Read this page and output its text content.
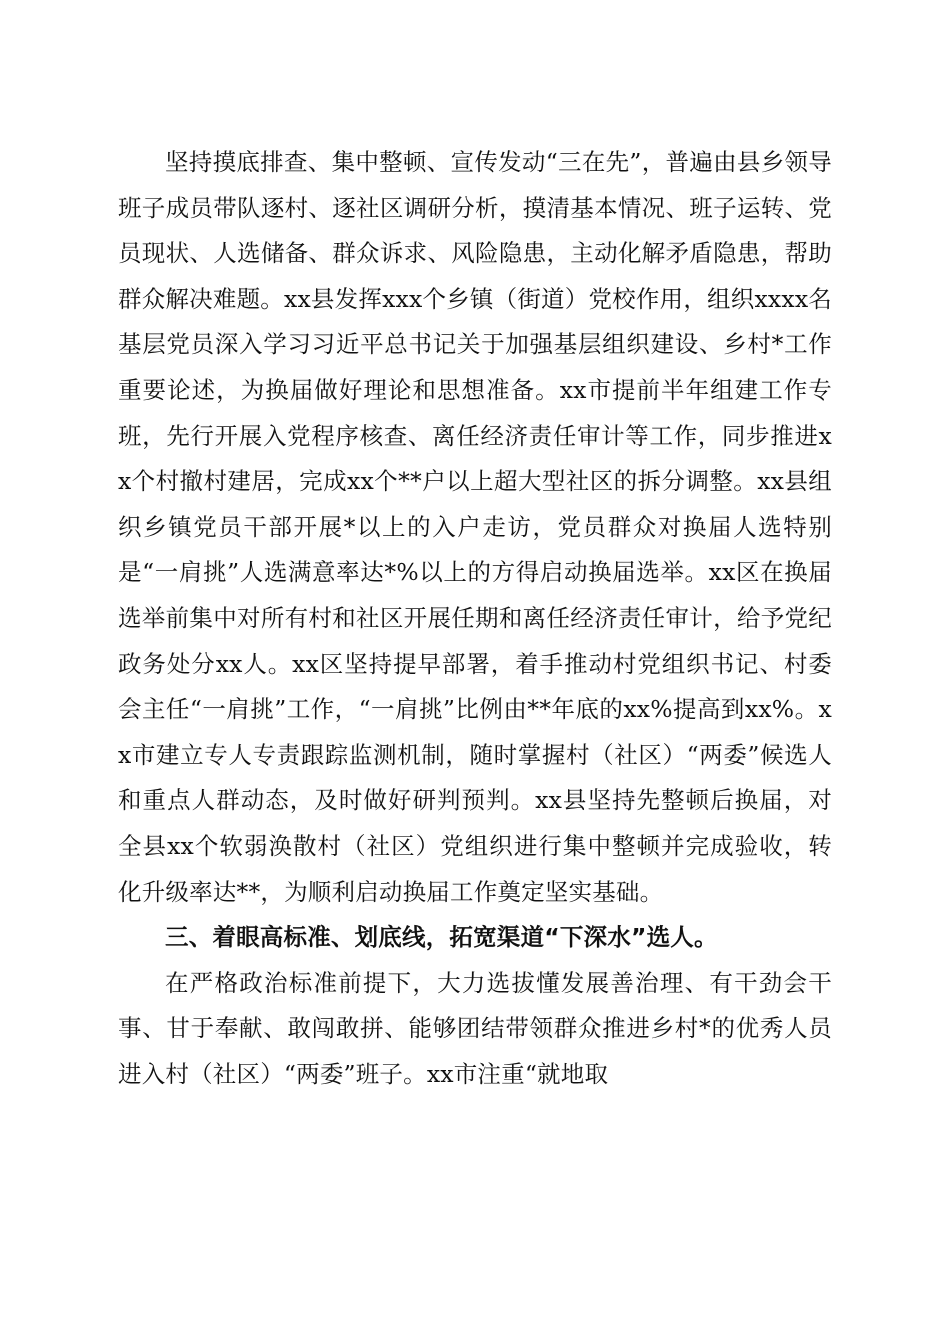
坚持摸底排查、集中整顿、宣传发动“三在先”，普遍由县乡领导班子成员带队逐村、逐社区调研分析，摸清基本情况、班子运转、党员现状、人选储备、群众诉求、风险隐患，主动化解矛盾隐患，帮助群众解决难题。xx县发挥xxx个乡镇（街道）党校作用，组织xxxx名基层党员深入学习习近平总书记关于加强基层组织建设、乡村*工作重要论述，为换届做好理论和思想准备。xx市提前半年组建工作专班，先行开展入党程序核查、离任经济责任审计等工作，同步推进xx个村撤村建居，完成xx个**户以上超大型社区的拆分调整。xx县组织乡镇党员干部开展*以上的入户走访，党员群众对换届人选特别是“一肩挑”人选满意率达*%以上的方得启动换届选举。xx区在换届选举前集中对所有村和社区开展任期和离任经济责任审计，给予党纪政务处分xx人。xx区坚持提早部署，着手推动村党组织书记、村委会主任“一肩挑”工作，“一肩挑”比例由**年底的xx%提高到xx%。xx市建立专人专责跟踪监测机制，随时掌握村（社区）“两委”候选人和重点人群动态，及时做好研判预判。xx县坚持先整顿后换届，对全县xx个软弱涣散村（社区）党组织进行集中整顿并完成验收，转化升级率达**，为顺利启动换届工作奠定坚实基础。

三、着眼高标准、划底线，拓宽渠道“下深水”选人。

在严格政治标准前提下，大力选拔懂发展善治理、有干劲会干事、甘于奉献、敢闯敢拼、能够团结带领群众推进乡村*的优秀人员进入村（社区）“两委”班子。xx市注重“就地取
